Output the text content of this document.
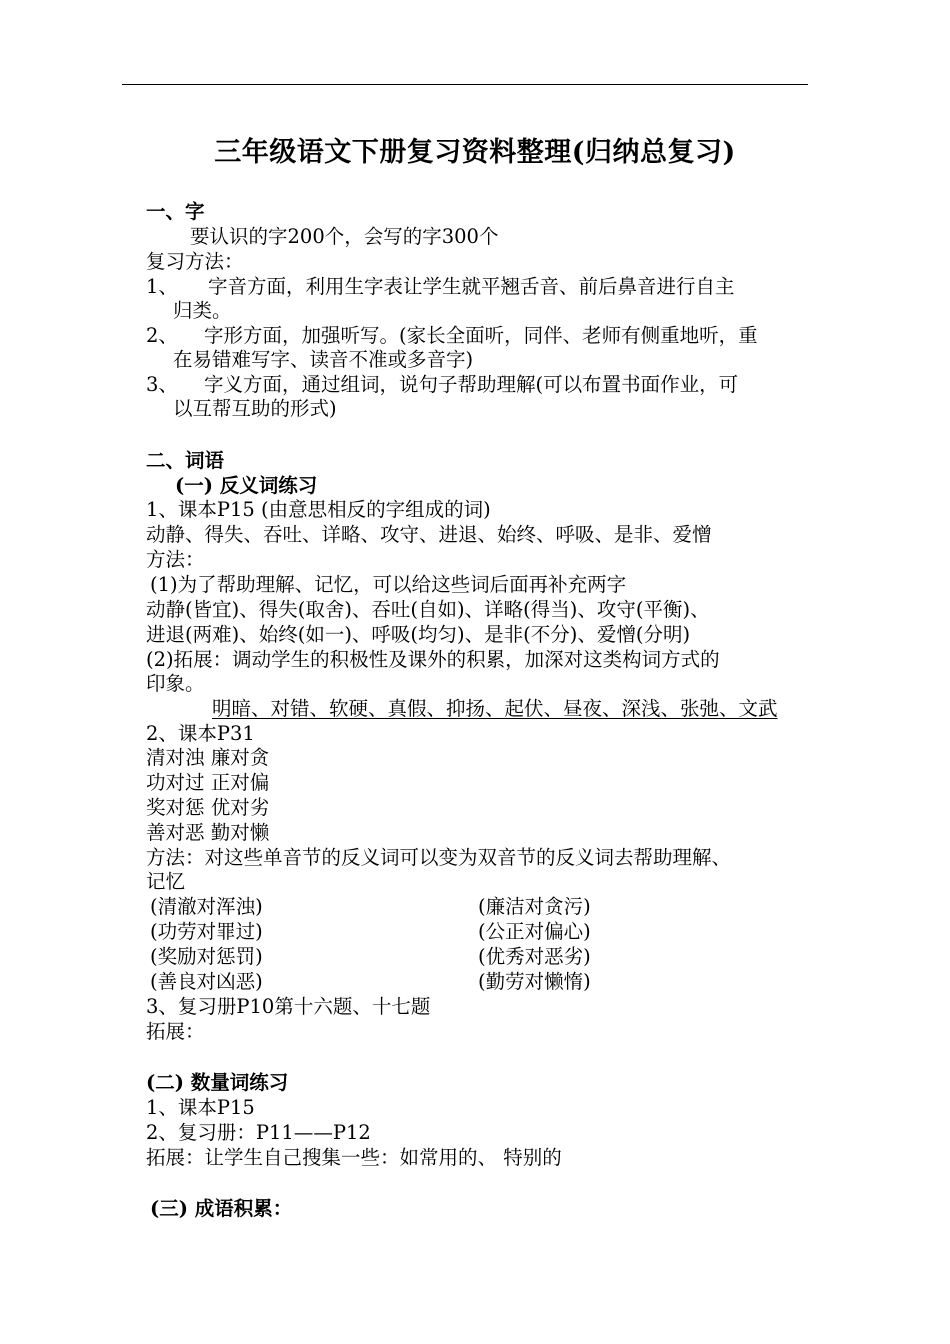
三年级语文下册复习资料整理(归纳总复习)
一、字
要认识的字200个，会写的字300个
复习方法：
1、 字音方面，利用生字表让学生就平翘舌音、前后鼻音进行自主
归类。
2、 字形方面，加强听写。(家长全面听，同伴、老师有侧重地听，重
在易错难写字、读音不准或多音字)
3、 字义方面，通过组词，说句子帮助理解(可以布置书面作业，可
以互帮互助的形式)
二、词语
(一) 反义词练习
1、课本P15 (由意思相反的字组成的词)
动静、得失、吞吐、详略、攻守、进退、始终、呼吸、是非、爱憎
方法：
(1)为了帮助理解、记忆，可以给这些词后面再补充两字
动静(皆宜)、得失(取舍)、吞吐(自如)、详略(得当)、攻守(平衡)、
进退(两难)、始终(如一)、呼吸(均匀)、是非(不分)、爱憎(分明)
(2)拓展：调动学生的积极性及课外的积累，加深对这类构词方式的
印象。
明暗、对错、软硬、真假、抑扬、起伏、昼夜、深浅、张弛、文武
2、课本P31
清对浊 廉对贪
功对过 正对偏
奖对惩 优对劣
善对恶 勤对懒
方法：对这些单音节的反义词可以变为双音节的反义词去帮助理解、
记忆
(清澈对浑浊)	(廉洁对贪污)
(功劳对罪过)	(公正对偏心)
(奖励对惩罚)	(优秀对恶劣)
(善良对凶恶)	(勤劳对懒惰)
3、复习册P10第十六题、十七题
拓展：
(二) 数量词练习
1、课本P15
2、复习册：P11——P12
拓展：让学生自己搜集一些：如常用的、 特别的
(三) 成语积累：
